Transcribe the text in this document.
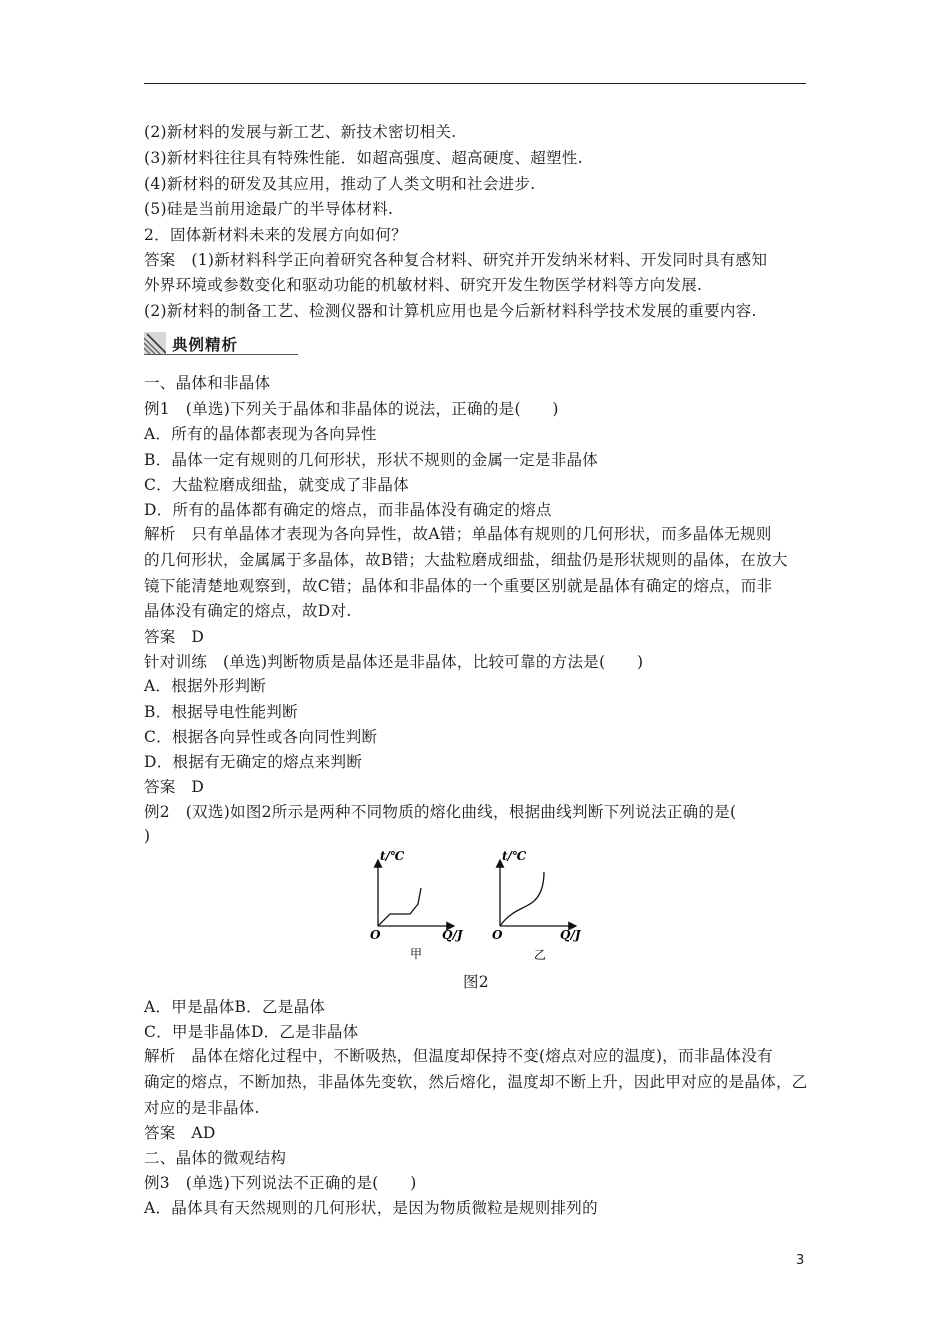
(2)新材料的发展与新工艺、新技术密切相关.
(3)新材料往往具有特殊性能．如超高强度、超高硬度、超塑性.
(4)新材料的研发及其应用，推动了人类文明和社会进步.
(5)硅是当前用途最广的半导体材料.
2．固体新材料未来的发展方向如何？
答案　(1)新材料科学正向着研究各种复合材料、研究并开发纳米材料、开发同时具有感知
外界环境或参数变化和驱动功能的机敏材料、研究开发生物医学材料等方向发展.
(2)新材料的制备工艺、检测仪器和计算机应用也是今后新材料科学技术发展的重要内容.
典例精析
一、晶体和非晶体
例1　(单选)下列关于晶体和非晶体的说法，正确的是(　　)
A．所有的晶体都表现为各向异性
B．晶体一定有规则的几何形状，形状不规则的金属一定是非晶体
C．大盐粒磨成细盐，就变成了非晶体
D．所有的晶体都有确定的熔点，而非晶体没有确定的熔点
解析　只有单晶体才表现为各向异性，故A错；单晶体有规则的几何形状，而多晶体无规则
的几何形状，金属属于多晶体，故B错；大盐粒磨成细盐，细盐仍是形状规则的晶体，在放大
镜下能清楚地观察到，故C错；晶体和非晶体的一个重要区别就是晶体有确定的熔点，而非
晶体没有确定的熔点，故D对.
答案　D
针对训练　(单选)判断物质是晶体还是非晶体，比较可靠的方法是(　　)
A．根据外形判断
B．根据导电性能判断
C．根据各向异性或各向同性判断
D．根据有无确定的熔点来判断
答案　D
例2　(双选)如图2所示是两种不同物质的熔化曲线，根据曲线判断下列说法正确的是(
)
t/℃
O	Q/J
甲
t/℃
O	Q/J
乙
图2
A．甲是晶体B．乙是晶体
C．甲是非晶体D．乙是非晶体
解析　晶体在熔化过程中，不断吸热，但温度却保持不变(熔点对应的温度)，而非晶体没有
确定的熔点，不断加热，非晶体先变软，然后熔化，温度却不断上升，因此甲对应的是晶体，乙
对应的是非晶体.
答案　AD
二、晶体的微观结构
例3　(单选)下列说法不正确的是(　　)
A．晶体具有天然规则的几何形状，是因为物质微粒是规则排列的
3
